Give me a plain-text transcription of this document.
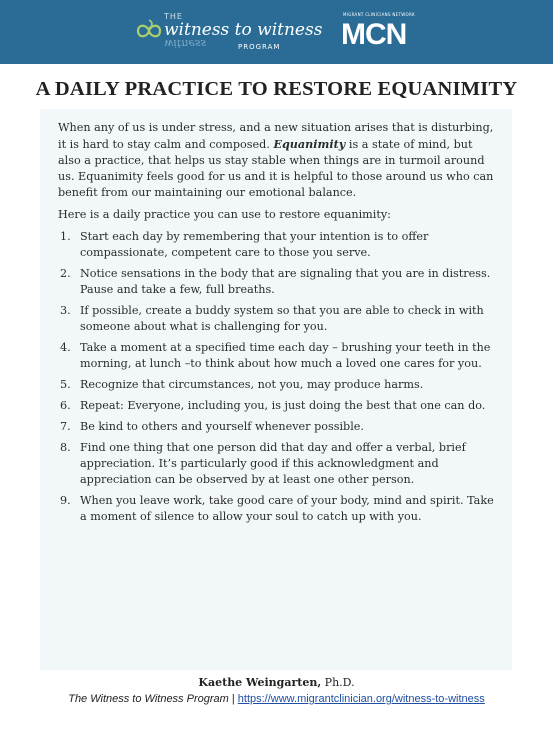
THE
witness to witness
witness	PROGRAM
MIGRANT CLINICIANS NETWORK
MCN
A DAILY PRACTICE TO RESTORE EQUANIMITY

When any of us is under stress, and a new situation arises that is disturbing, it is hard to stay calm and composed. Equanimity is a state of mind, but also a practice, that helps us stay stable when things are in turmoil around us. Equanimity feels good for us and it is helpful to those around us who can benefit from our maintaining our emotional balance.

Here is a daily practice you can use to restore equanimity:

1. Start each day by remembering that your intention is to offer compassionate, competent care to those you serve.
2. Notice sensations in the body that are signaling that you are in distress. Pause and take a few, full breaths.
3. If possible, create a buddy system so that you are able to check in with someone about what is challenging for you.
4. Take a moment at a specified time each day – brushing your teeth in the morning, at lunch –to think about how much a loved one cares for you.
5. Recognize that circumstances, not you, may produce harms.
6. Repeat: Everyone, including you, is just doing the best that one can do.
7. Be kind to others and yourself whenever possible.
8. Find one thing that one person did that day and offer a verbal, brief appreciation. It’s particularly good if this acknowledgment and appreciation can be observed by at least one other person.
9. When you leave work, take good care of your body, mind and spirit. Take a moment of silence to allow your soul to catch up with you.

Kaethe Weingarten, Ph.D.

The Witness to Witness Program | https://www.migrantclinician.org/witness-to-witness
